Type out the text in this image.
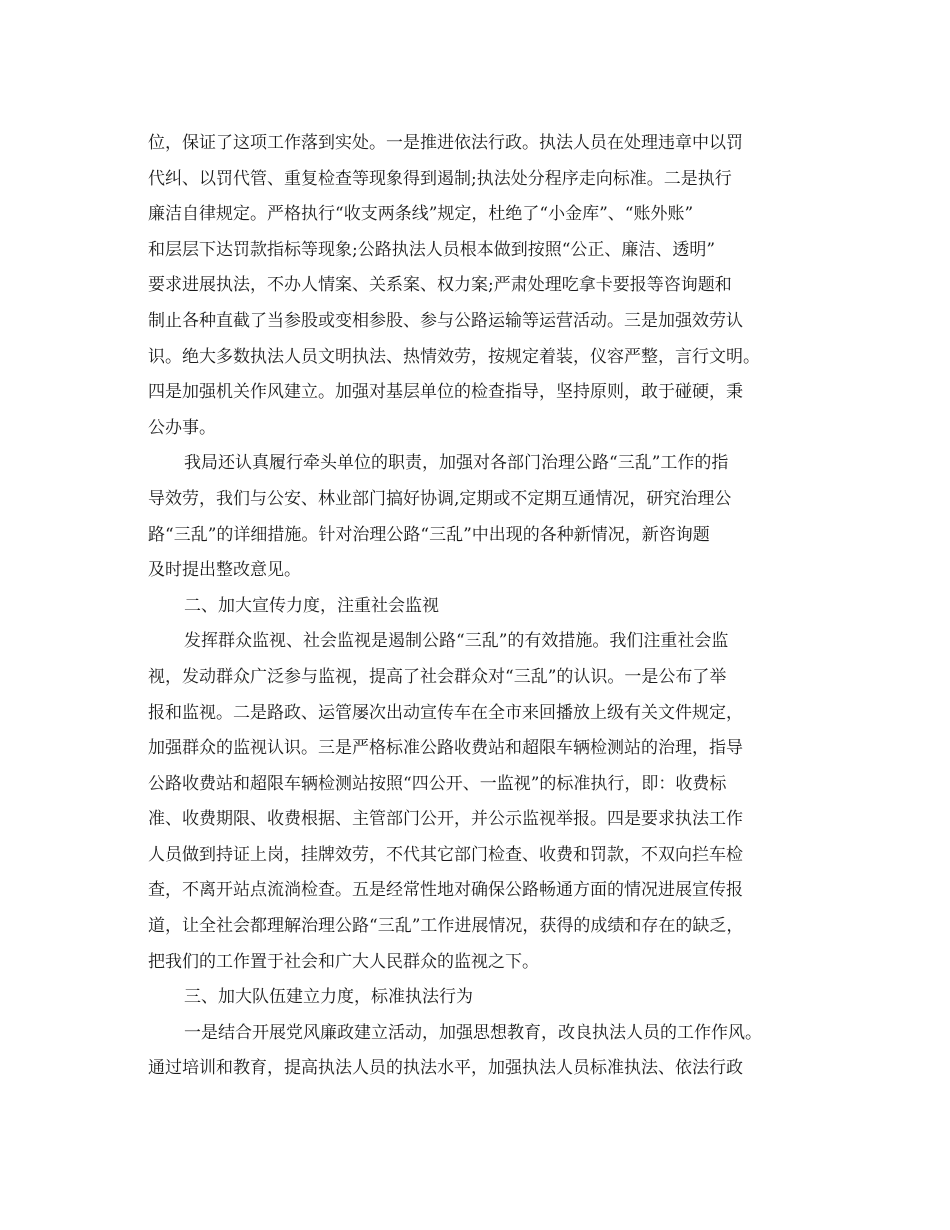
位，保证了这项工作落到实处。一是推进依法行政。执法人员在处理违章中以罚
代纠、以罚代管、重复检查等现象得到遏制;执法处分程序走向标准。二是执行
廉洁自律规定。严格执行“收支两条线”规定，杜绝了“小金库”、“账外账”
和层层下达罚款指标等现象;公路执法人员根本做到按照“公正、廉洁、透明”
要求进展执法，不办人情案、关系案、权力案;严肃处理吃拿卡要报等咨询题和
制止各种直截了当参股或变相参股、参与公路运输等运营活动。三是加强效劳认
识。绝大多数执法人员文明执法、热情效劳，按规定着装，仪容严整，言行文明。
四是加强机关作风建立。加强对基层单位的检查指导，坚持原则，敢于碰硬，秉
公办事。
我局还认真履行牵头单位的职责，加强对各部门治理公路“三乱”工作的指
导效劳，我们与公安、林业部门搞好协调,定期或不定期互通情况，研究治理公
路“三乱”的详细措施。针对治理公路“三乱”中出现的各种新情况，新咨询题
及时提出整改意见。
二、加大宣传力度，注重社会监视
发挥群众监视、社会监视是遏制公路“三乱”的有效措施。我们注重社会监
视，发动群众广泛参与监视，提高了社会群众对“三乱”的认识。一是公布了举
报和监视。二是路政、运管屡次出动宣传车在全市来回播放上级有关文件规定，
加强群众的监视认识。三是严格标准公路收费站和超限车辆检测站的治理，指导
公路收费站和超限车辆检测站按照“四公开、一监视”的标准执行，即：收费标
准、收费期限、收费根据、主管部门公开，并公示监视举报。四是要求执法工作
人员做到持证上岗，挂牌效劳，不代其它部门检查、收费和罚款，不双向拦车检
查，不离开站点流淌检查。五是经常性地对确保公路畅通方面的情况进展宣传报
道，让全社会都理解治理公路“三乱”工作进展情况，获得的成绩和存在的缺乏，
把我们的工作置于社会和广大人民群众的监视之下。
三、加大队伍建立力度，标准执法行为
一是结合开展党风廉政建立活动，加强思想教育，改良执法人员的工作作风。
通过培训和教育，提高执法人员的执法水平，加强执法人员标准执法、依法行政
